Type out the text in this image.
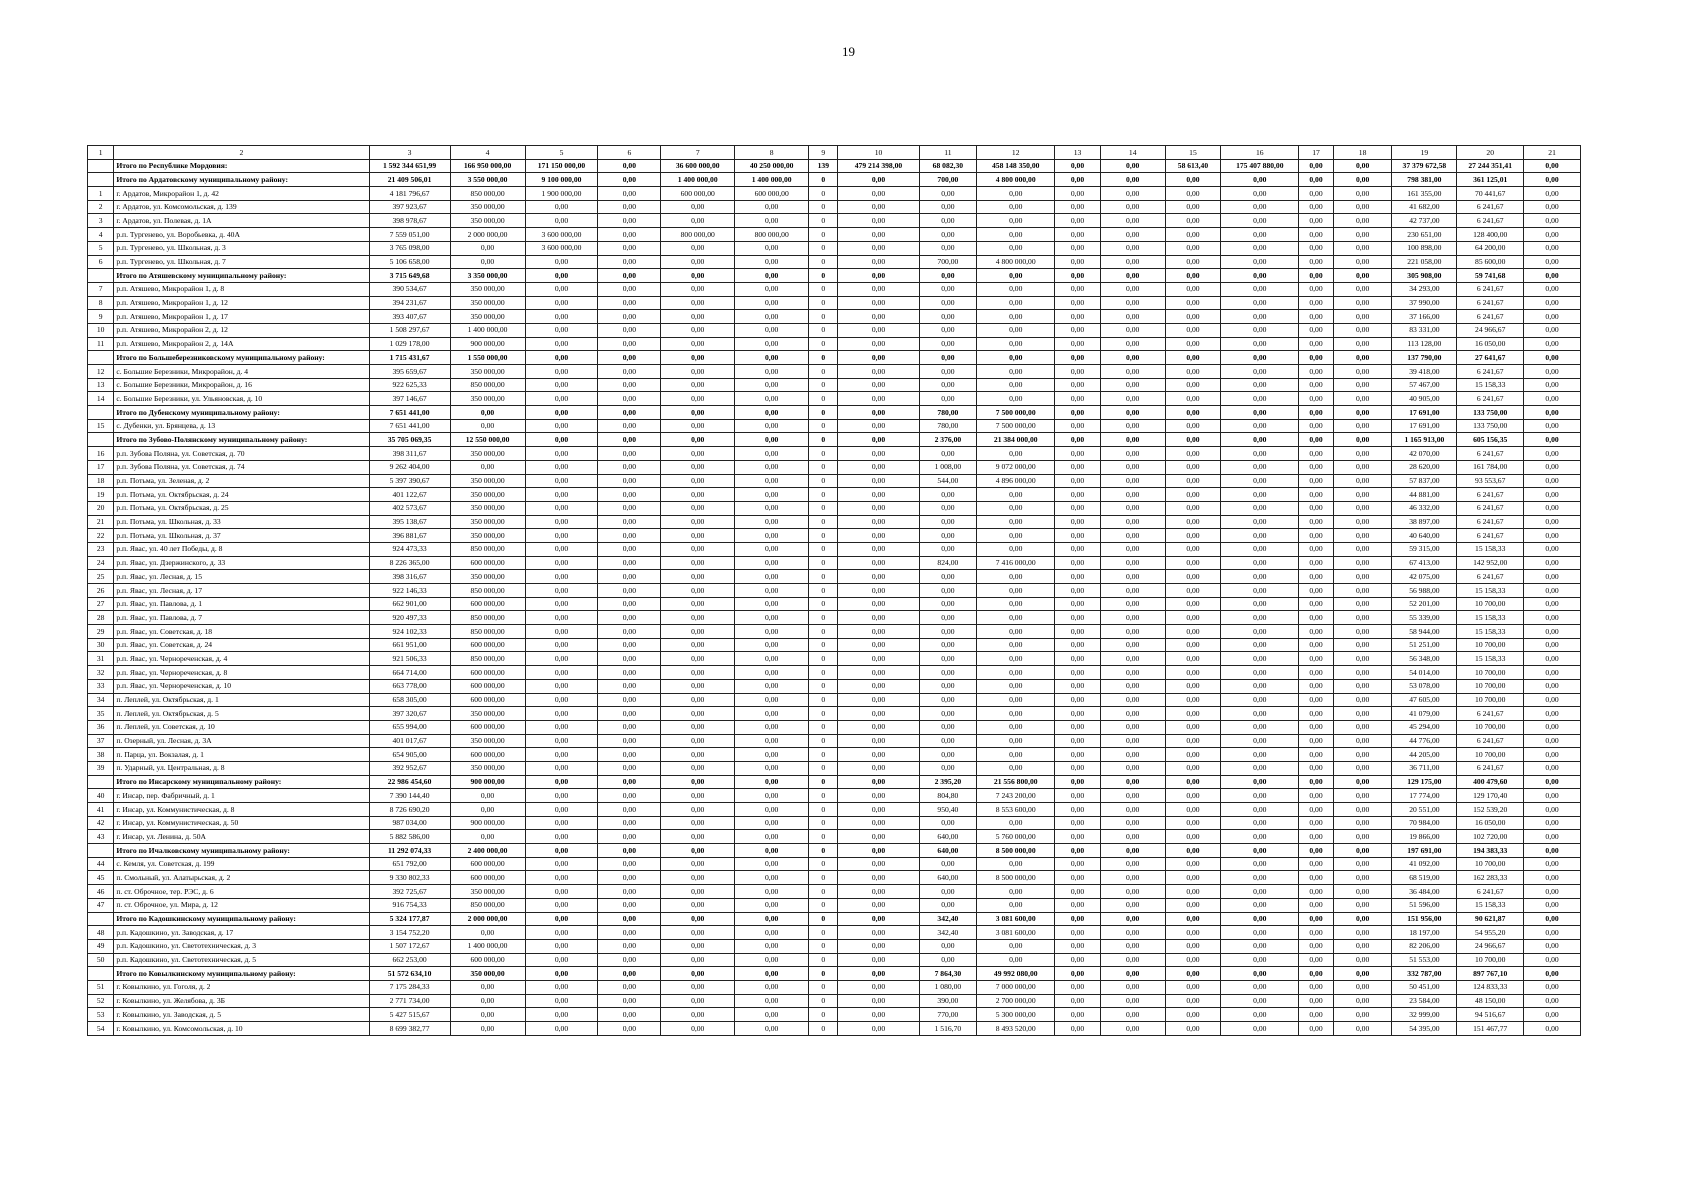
19
1	2	3	4	5	6	7	8	9	10	11	12	13	14	15	16	17	18	19	20	21
	Итого по Республике Мордовия:	1 592 344 651,99	166 950 000,00	171 150 000,00	0,00	36 600 000,00	40 250 000,00	139	479 214 398,00	68 082,30	458 148 350,00	0,00	0,00	58 613,40	175 407 880,00	0,00	0,00	37 379 672,58	27 244 351,41	0,00
	Итого по Ардатовскому муниципальному району:	21 409 506,01	3 550 000,00	9 100 000,00	0,00	1 400 000,00	1 400 000,00	0	0,00	700,00	4 800 000,00	0,00	0,00	0,00	0,00	0,00	0,00	798 381,00	361 125,01	0,00
1	г. Ардатов, Микрорайон 1, д. 42	4 181 796,67	850 000,00	1 900 000,00	0,00	600 000,00	600 000,00	0	0,00	0,00	0,00	0,00	0,00	0,00	0,00	0,00	0,00	161 355,00	70 441,67	0,00
2	г. Ардатов, ул. Комсомольская, д. 139	397 923,67	350 000,00	0,00	0,00	0,00	0,00	0	0,00	0,00	0,00	0,00	0,00	0,00	0,00	0,00	0,00	41 682,00	6 241,67	0,00
3	г. Ардатов, ул. Полевая, д. 1А	398 978,67	350 000,00	0,00	0,00	0,00	0,00	0	0,00	0,00	0,00	0,00	0,00	0,00	0,00	0,00	0,00	42 737,00	6 241,67	0,00
4	р.п. Тургенево, ул. Воробьевка, д. 40А	7 559 051,00	2 000 000,00	3 600 000,00	0,00	800 000,00	800 000,00	0	0,00	0,00	0,00	0,00	0,00	0,00	0,00	0,00	0,00	230 651,00	128 400,00	0,00
5	р.п. Тургенево, ул. Школьная, д. 3	3 765 098,00	0,00	3 600 000,00	0,00	0,00	0,00	0	0,00	0,00	0,00	0,00	0,00	0,00	0,00	0,00	0,00	100 898,00	64 200,00	0,00
6	р.п. Тургенево, ул. Школьная, д. 7	5 106 658,00	0,00	0,00	0,00	0,00	0,00	0	0,00	700,00	4 800 000,00	0,00	0,00	0,00	0,00	0,00	0,00	221 058,00	85 600,00	0,00
	Итого по Атяшевскому муниципальному району:	3 715 649,68	3 350 000,00	0,00	0,00	0,00	0,00	0	0,00	0,00	0,00	0,00	0,00	0,00	0,00	0,00	0,00	305 908,00	59 741,68	0,00
7	р.п. Атяшево, Микрорайон 1, д. 8	390 534,67	350 000,00	0,00	0,00	0,00	0,00	0	0,00	0,00	0,00	0,00	0,00	0,00	0,00	0,00	0,00	34 293,00	6 241,67	0,00
8	р.п. Атяшево, Микрорайон 1, д. 12	394 231,67	350 000,00	0,00	0,00	0,00	0,00	0	0,00	0,00	0,00	0,00	0,00	0,00	0,00	0,00	0,00	37 990,00	6 241,67	0,00
9	р.п. Атяшево, Микрорайон 1, д. 17	393 407,67	350 000,00	0,00	0,00	0,00	0,00	0	0,00	0,00	0,00	0,00	0,00	0,00	0,00	0,00	0,00	37 166,00	6 241,67	0,00
10	р.п. Атяшево, Микрорайон 2, д. 12	1 508 297,67	1 400 000,00	0,00	0,00	0,00	0,00	0	0,00	0,00	0,00	0,00	0,00	0,00	0,00	0,00	0,00	83 331,00	24 966,67	0,00
11	р.п. Атяшево, Микрорайон 2, д. 14А	1 029 178,00	900 000,00	0,00	0,00	0,00	0,00	0	0,00	0,00	0,00	0,00	0,00	0,00	0,00	0,00	0,00	113 128,00	16 050,00	0,00
	Итого по Большеберезниковскому муниципальному району:	1 715 431,67	1 550 000,00	0,00	0,00	0,00	0,00	0	0,00	0,00	0,00	0,00	0,00	0,00	0,00	0,00	0,00	137 790,00	27 641,67	0,00
12	с. Большие Березники, Микрорайон, д. 4	395 659,67	350 000,00	0,00	0,00	0,00	0,00	0	0,00	0,00	0,00	0,00	0,00	0,00	0,00	0,00	0,00	39 418,00	6 241,67	0,00
13	с. Большие Березники, Микрорайон, д. 16	922 625,33	850 000,00	0,00	0,00	0,00	0,00	0	0,00	0,00	0,00	0,00	0,00	0,00	0,00	0,00	0,00	57 467,00	15 158,33	0,00
14	с. Большие Березники, ул. Ульяновская, д. 10	397 146,67	350 000,00	0,00	0,00	0,00	0,00	0	0,00	0,00	0,00	0,00	0,00	0,00	0,00	0,00	0,00	40 905,00	6 241,67	0,00
	Итого по Дубенскому муниципальному району:	7 651 441,00	0,00	0,00	0,00	0,00	0,00	0	0,00	780,00	7 500 000,00	0,00	0,00	0,00	0,00	0,00	0,00	17 691,00	133 750,00	0,00
15	с. Дубенки, ул. Брянцева, д. 13	7 651 441,00	0,00	0,00	0,00	0,00	0,00	0	0,00	780,00	7 500 000,00	0,00	0,00	0,00	0,00	0,00	0,00	17 691,00	133 750,00	0,00
	Итого по Зубово-Полянскому муниципальному району:	35 705 069,35	12 550 000,00	0,00	0,00	0,00	0,00	0	0,00	2 376,00	21 384 000,00	0,00	0,00	0,00	0,00	0,00	0,00	1 165 913,00	605 156,35	0,00
16	р.п. Зубова Поляна, ул. Советская, д. 70	398 311,67	350 000,00	0,00	0,00	0,00	0,00	0	0,00	0,00	0,00	0,00	0,00	0,00	0,00	0,00	0,00	42 070,00	6 241,67	0,00
17	р.п. Зубова Поляна, ул. Советская, д. 74	9 262 404,00	0,00	0,00	0,00	0,00	0,00	0	0,00	1 008,00	9 072 000,00	0,00	0,00	0,00	0,00	0,00	0,00	28 620,00	161 784,00	0,00
18	р.п. Потьма, ул. Зеленая, д. 2	5 397 390,67	350 000,00	0,00	0,00	0,00	0,00	0	0,00	544,00	4 896 000,00	0,00	0,00	0,00	0,00	0,00	0,00	57 837,00	93 553,67	0,00
19	р.п. Потьма, ул. Октябрьская, д. 24	401 122,67	350 000,00	0,00	0,00	0,00	0,00	0	0,00	0,00	0,00	0,00	0,00	0,00	0,00	0,00	0,00	44 881,00	6 241,67	0,00
20	р.п. Потьма, ул. Октябрьская, д. 25	402 573,67	350 000,00	0,00	0,00	0,00	0,00	0	0,00	0,00	0,00	0,00	0,00	0,00	0,00	0,00	0,00	46 332,00	6 241,67	0,00
21	р.п. Потьма, ул. Школьная, д. 33	395 138,67	350 000,00	0,00	0,00	0,00	0,00	0	0,00	0,00	0,00	0,00	0,00	0,00	0,00	0,00	0,00	38 897,00	6 241,67	0,00
22	р.п. Потьма, ул. Школьная, д. 37	396 881,67	350 000,00	0,00	0,00	0,00	0,00	0	0,00	0,00	0,00	0,00	0,00	0,00	0,00	0,00	0,00	40 640,00	6 241,67	0,00
23	р.п. Явас, ул. 40 лет Победы, д. 8	924 473,33	850 000,00	0,00	0,00	0,00	0,00	0	0,00	0,00	0,00	0,00	0,00	0,00	0,00	0,00	0,00	59 315,00	15 158,33	0,00
24	р.п. Явас, ул. Дзержинского, д. 33	8 226 365,00	600 000,00	0,00	0,00	0,00	0,00	0	0,00	824,00	7 416 000,00	0,00	0,00	0,00	0,00	0,00	0,00	67 413,00	142 952,00	0,00
25	р.п. Явас, ул. Лесная, д. 15	398 316,67	350 000,00	0,00	0,00	0,00	0,00	0	0,00	0,00	0,00	0,00	0,00	0,00	0,00	0,00	0,00	42 075,00	6 241,67	0,00
26	р.п. Явас, ул. Лесная, д. 17	922 146,33	850 000,00	0,00	0,00	0,00	0,00	0	0,00	0,00	0,00	0,00	0,00	0,00	0,00	0,00	0,00	56 988,00	15 158,33	0,00
27	р.п. Явас, ул. Павлова, д. 1	662 901,00	600 000,00	0,00	0,00	0,00	0,00	0	0,00	0,00	0,00	0,00	0,00	0,00	0,00	0,00	0,00	52 201,00	10 700,00	0,00
28	р.п. Явас, ул. Павлова, д. 7	920 497,33	850 000,00	0,00	0,00	0,00	0,00	0	0,00	0,00	0,00	0,00	0,00	0,00	0,00	0,00	0,00	55 339,00	15 158,33	0,00
29	р.п. Явас, ул. Советская, д. 18	924 102,33	850 000,00	0,00	0,00	0,00	0,00	0	0,00	0,00	0,00	0,00	0,00	0,00	0,00	0,00	0,00	58 944,00	15 158,33	0,00
30	р.п. Явас, ул. Советская, д. 24	661 951,00	600 000,00	0,00	0,00	0,00	0,00	0	0,00	0,00	0,00	0,00	0,00	0,00	0,00	0,00	0,00	51 251,00	10 700,00	0,00
31	р.п. Явас, ул. Чернореченская, д. 4	921 506,33	850 000,00	0,00	0,00	0,00	0,00	0	0,00	0,00	0,00	0,00	0,00	0,00	0,00	0,00	0,00	56 348,00	15 158,33	0,00
32	р.п. Явас, ул. Чернореченская, д. 8	664 714,00	600 000,00	0,00	0,00	0,00	0,00	0	0,00	0,00	0,00	0,00	0,00	0,00	0,00	0,00	0,00	54 014,00	10 700,00	0,00
33	р.п. Явас, ул. Чернореченская, д. 10	663 778,00	600 000,00	0,00	0,00	0,00	0,00	0	0,00	0,00	0,00	0,00	0,00	0,00	0,00	0,00	0,00	53 078,00	10 700,00	0,00
34	п. Леплей, ул. Октябрьская, д. 1	658 305,00	600 000,00	0,00	0,00	0,00	0,00	0	0,00	0,00	0,00	0,00	0,00	0,00	0,00	0,00	0,00	47 605,00	10 700,00	0,00
35	п. Леплей, ул. Октябрьская, д. 5	397 320,67	350 000,00	0,00	0,00	0,00	0,00	0	0,00	0,00	0,00	0,00	0,00	0,00	0,00	0,00	0,00	41 079,00	6 241,67	0,00
36	п. Леплей, ул. Советская, д. 10	655 994,00	600 000,00	0,00	0,00	0,00	0,00	0	0,00	0,00	0,00	0,00	0,00	0,00	0,00	0,00	0,00	45 294,00	10 700,00	0,00
37	п. Озерный, ул. Лесная, д. 3А	401 017,67	350 000,00	0,00	0,00	0,00	0,00	0	0,00	0,00	0,00	0,00	0,00	0,00	0,00	0,00	0,00	44 776,00	6 241,67	0,00
38	п. Парца, ул. Вокзалая, д. 1	654 905,00	600 000,00	0,00	0,00	0,00	0,00	0	0,00	0,00	0,00	0,00	0,00	0,00	0,00	0,00	0,00	44 205,00	10 700,00	0,00
39	п. Ударный, ул. Центральная, д. 8	392 952,67	350 000,00	0,00	0,00	0,00	0,00	0	0,00	0,00	0,00	0,00	0,00	0,00	0,00	0,00	0,00	36 711,00	6 241,67	0,00
	Итого по Инсарскому муниципальному району:	22 986 454,60	900 000,00	0,00	0,00	0,00	0,00	0	0,00	2 395,20	21 556 800,00	0,00	0,00	0,00	0,00	0,00	0,00	129 175,00	400 479,60	0,00
40	г. Инсар, пер. Фабричный, д. 1	7 390 144,40	0,00	0,00	0,00	0,00	0,00	0	0,00	804,80	7 243 200,00	0,00	0,00	0,00	0,00	0,00	0,00	17 774,00	129 170,40	0,00
41	г. Инсар, ул. Коммунистическая, д. 8	8 726 690,20	0,00	0,00	0,00	0,00	0,00	0	0,00	950,40	8 553 600,00	0,00	0,00	0,00	0,00	0,00	0,00	20 551,00	152 539,20	0,00
42	г. Инсар, ул. Коммунистическая, д. 50	987 034,00	900 000,00	0,00	0,00	0,00	0,00	0	0,00	0,00	0,00	0,00	0,00	0,00	0,00	0,00	0,00	70 984,00	16 050,00	0,00
43	г. Инсар, ул. Ленина, д. 50А	5 882 586,00	0,00	0,00	0,00	0,00	0,00	0	0,00	640,00	5 760 000,00	0,00	0,00	0,00	0,00	0,00	0,00	19 866,00	102 720,00	0,00
	Итого по Ичалковскому муниципальному району:	11 292 074,33	2 400 000,00	0,00	0,00	0,00	0,00	0	0,00	640,00	8 500 000,00	0,00	0,00	0,00	0,00	0,00	0,00	197 691,00	194 383,33	0,00
44	с. Кемля, ул. Советская, д. 199	651 792,00	600 000,00	0,00	0,00	0,00	0,00	0	0,00	0,00	0,00	0,00	0,00	0,00	0,00	0,00	0,00	41 092,00	10 700,00	0,00
45	п. Смольный, ул. Алатырьская, д. 2	9 330 802,33	600 000,00	0,00	0,00	0,00	0,00	0	0,00	640,00	8 500 000,00	0,00	0,00	0,00	0,00	0,00	0,00	68 519,00	162 283,33	0,00
46	п. ст. Оброчное, тер. РЭС, д. 6	392 725,67	350 000,00	0,00	0,00	0,00	0,00	0	0,00	0,00	0,00	0,00	0,00	0,00	0,00	0,00	0,00	36 484,00	6 241,67	0,00
47	п. ст. Оброчное, ул. Мира, д. 12	916 754,33	850 000,00	0,00	0,00	0,00	0,00	0	0,00	0,00	0,00	0,00	0,00	0,00	0,00	0,00	0,00	51 596,00	15 158,33	0,00
	Итого по Кадошкинскому муниципальному району:	5 324 177,87	2 000 000,00	0,00	0,00	0,00	0,00	0	0,00	342,40	3 081 600,00	0,00	0,00	0,00	0,00	0,00	0,00	151 956,00	90 621,87	0,00
48	р.п. Кадошкино, ул. Заводская, д. 17	3 154 752,20	0,00	0,00	0,00	0,00	0,00	0	0,00	342,40	3 081 600,00	0,00	0,00	0,00	0,00	0,00	0,00	18 197,00	54 955,20	0,00
49	р.п. Кадошкино, ул. Светотехническая, д. 3	1 507 172,67	1 400 000,00	0,00	0,00	0,00	0,00	0	0,00	0,00	0,00	0,00	0,00	0,00	0,00	0,00	0,00	82 206,00	24 966,67	0,00
50	р.п. Кадошкино, ул. Светотехническая, д. 5	662 253,00	600 000,00	0,00	0,00	0,00	0,00	0	0,00	0,00	0,00	0,00	0,00	0,00	0,00	0,00	0,00	51 553,00	10 700,00	0,00
	Итого по Ковылкинскому муниципальному району:	51 572 634,10	350 000,00	0,00	0,00	0,00	0,00	0	0,00	7 864,30	49 992 080,00	0,00	0,00	0,00	0,00	0,00	0,00	332 787,00	897 767,10	0,00
51	г. Ковылкино, ул. Гоголя, д. 2	7 175 284,33	0,00	0,00	0,00	0,00	0,00	0	0,00	1 080,00	7 000 000,00	0,00	0,00	0,00	0,00	0,00	0,00	50 451,00	124 833,33	0,00
52	г. Ковылкино, ул. Желябова, д. 3Б	2 771 734,00	0,00	0,00	0,00	0,00	0,00	0	0,00	390,00	2 700 000,00	0,00	0,00	0,00	0,00	0,00	0,00	23 584,00	48 150,00	0,00
53	г. Ковылкино, ул. Заводская, д. 5	5 427 515,67	0,00	0,00	0,00	0,00	0,00	0	0,00	770,00	5 300 000,00	0,00	0,00	0,00	0,00	0,00	0,00	32 999,00	94 516,67	0,00
54	г. Ковылкино, ул. Комсомольская, д. 10	8 699 382,77	0,00	0,00	0,00	0,00	0,00	0	0,00	1 516,70	8 493 520,00	0,00	0,00	0,00	0,00	0,00	0,00	54 395,00	151 467,77	0,00
